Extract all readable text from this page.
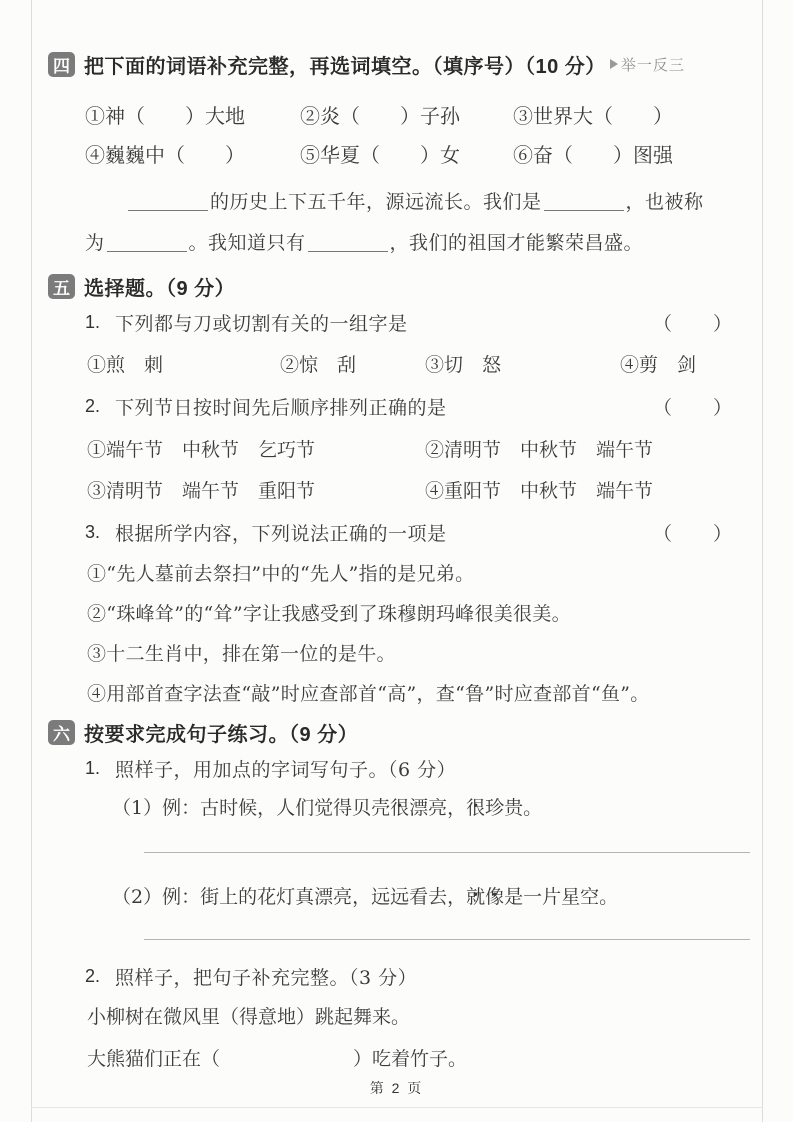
四 把下面的词语补充完整，再选词填空。（填序号）（10 分） 举一反三
①神（　　）大地	②炎（　　）子孙	③世界大（　　）
④巍巍中（　　）	⑤华夏（　　）女	⑥奋（　　）图强
的历史上下五千年，源远流长。我们是	，也被称
为	。我知道只有	，我们的祖国才能繁荣昌盛。
五 选择题。（9 分）
1. 下列都与刀或切割有关的一组字是	（　　）
①煎　刺	②惊　刮	③切　怒	④剪　剑
2. 下列节日按时间先后顺序排列正确的是	（　　）
①端午节　中秋节　乞巧节	②清明节　中秋节　端午节
③清明节　端午节　重阳节	④重阳节　中秋节　端午节
3. 根据所学内容，下列说法正确的一项是	（　　）
①“先人墓前去祭扫”中的“先人”指的是兄弟。
②“珠峰耸”的“耸”字让我感受到了珠穆朗玛峰很美很美。
③十二生肖中，排在第一位的是牛。
④用部首查字法查“敲”时应查部首“高”，查“鲁”时应查部首“鱼”。
六 按要求完成句子练习。（9 分）
1. 照样子，用加点的字词写句子。（6 分）
（1）例：古时候，人们觉得贝壳很 •漂亮，很 •珍贵。
（2）例：街上的花灯真漂亮，远远看去，就 •像 •是一片星空。
2. 照样子，把句子补充完整。（3 分）
小柳树在微风里（得意地）跳起舞来。
大熊猫们正在（　　　　　　　）吃着竹子。
第 2 页
